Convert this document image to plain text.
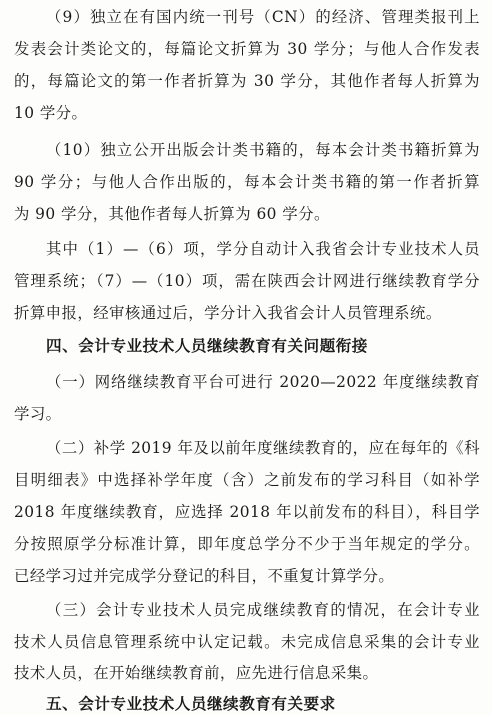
（9）独立在有国内统一刊号（CN）的经济、管理类报刊上
发表会计类论文的，每篇论文折算为 30 学分；与他人合作发表
的，每篇论文的第一作者折算为 30 学分，其他作者每人折算为
10 学分。
（10）独立公开出版会计类书籍的，每本会计类书籍折算为
90 学分；与他人合作出版的，每本会计类书籍的第一作者折算
为 90 学分，其他作者每人折算为 60 学分。
其中（1）—（6）项，学分自动计入我省会计专业技术人员
管理系统；（7）—（10）项，需在陕西会计网进行继续教育学分
折算申报，经审核通过后，学分计入我省会计人员管理系统。
四、会计专业技术人员继续教育有关问题衔接
（一）网络继续教育平台可进行 2020—2022 年度继续教育
学习。
（二）补学 2019 年及以前年度继续教育的，应在每年的《科
目明细表》中选择补学年度（含）之前发布的学习科目（如补学
2018 年度继续教育，应选择 2018 年以前发布的科目），科目学
分按照原学分标准计算，即年度总学分不少于当年规定的学分。
已经学习过并完成学分登记的科目，不重复计算学分。
（三）会计专业技术人员完成继续教育的情况，在会计专业
技术人员信息管理系统中认定记载。未完成信息采集的会计专业
技术人员，在开始继续教育前，应先进行信息采集。
五、会计专业技术人员继续教育有关要求
